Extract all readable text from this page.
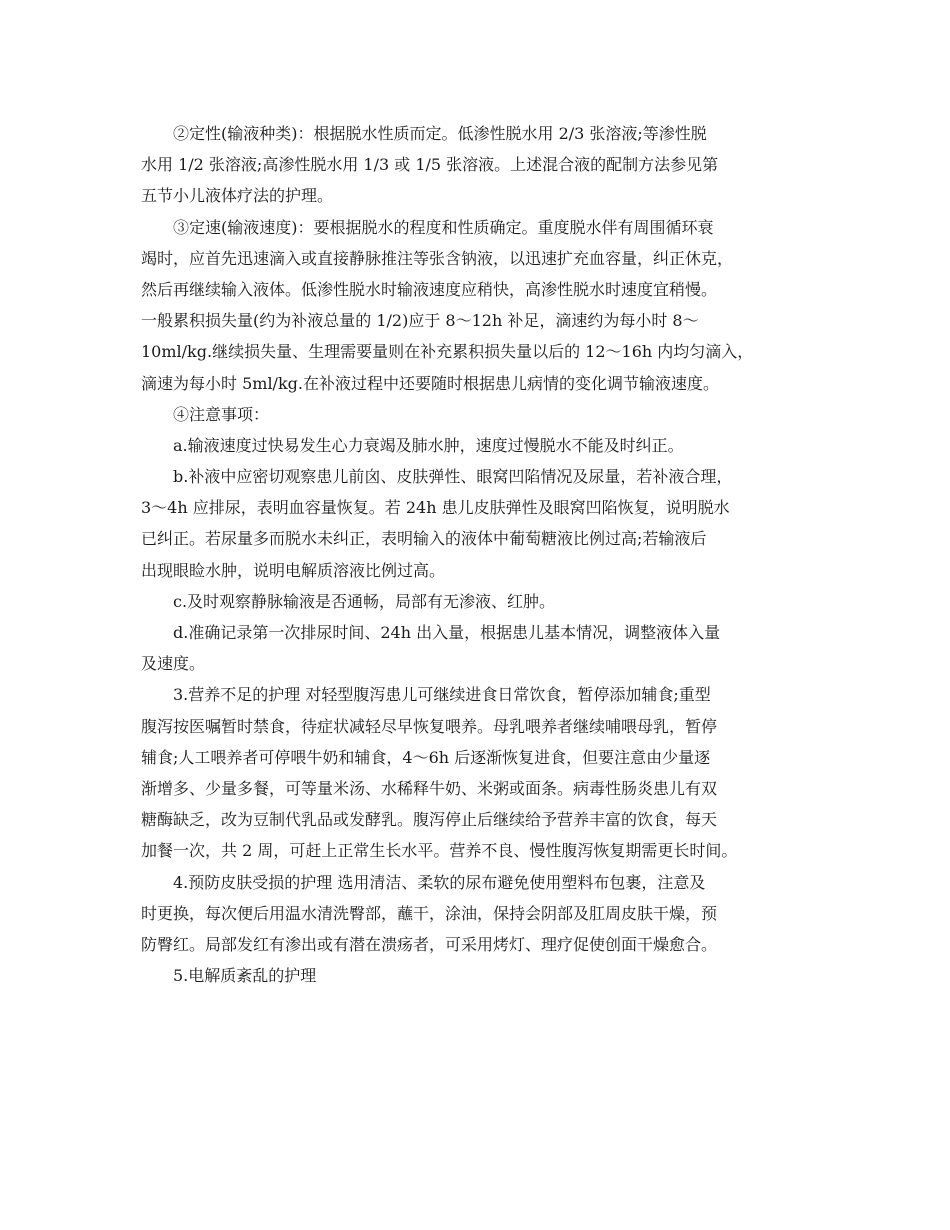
②定性(输液种类)：根据脱水性质而定。低渗性脱水用 2/3 张溶液;等渗性脱
水用 1/2 张溶液;高渗性脱水用 1/3 或 1/5 张溶液。上述混合液的配制方法参见第
五节小儿液体疗法的护理。
③定速(输液速度)：要根据脱水的程度和性质确定。重度脱水伴有周围循环衰
竭时，应首先迅速滴入或直接静脉推注等张含钠液，以迅速扩充血容量，纠正休克，
然后再继续输入液体。低渗性脱水时输液速度应稍快，高渗性脱水时速度宜稍慢。
一般累积损失量(约为补液总量的 1/2)应于 8～12h 补足，滴速约为每小时 8～
10ml/kg.继续损失量、生理需要量则在补充累积损失量以后的 12～16h 内均匀滴入，
滴速为每小时 5ml/kg.在补液过程中还要随时根据患儿病情的变化调节输液速度。
④注意事项：
a.输液速度过快易发生心力衰竭及肺水肿，速度过慢脱水不能及时纠正。
b.补液中应密切观察患儿前囟、皮肤弹性、眼窝凹陷情况及尿量，若补液合理，
3～4h 应排尿，表明血容量恢复。若 24h 患儿皮肤弹性及眼窝凹陷恢复，说明脱水
已纠正。若尿量多而脱水未纠正，表明输入的液体中葡萄糖液比例过高;若输液后
出现眼睑水肿，说明电解质溶液比例过高。
c.及时观察静脉输液是否通畅，局部有无渗液、红肿。
d.准确记录第一次排尿时间、24h 出入量，根据患儿基本情况，调整液体入量
及速度。
3.营养不足的护理 对轻型腹泻患儿可继续进食日常饮食，暂停添加辅食;重型
腹泻按医嘱暂时禁食，待症状减轻尽早恢复喂养。母乳喂养者继续哺喂母乳，暂停
辅食;人工喂养者可停喂牛奶和辅食，4～6h 后逐渐恢复进食，但要注意由少量逐
渐增多、少量多餐，可等量米汤、水稀释牛奶、米粥或面条。病毒性肠炎患儿有双
糖酶缺乏，改为豆制代乳品或发酵乳。腹泻停止后继续给予营养丰富的饮食，每天
加餐一次，共 2 周，可赶上正常生长水平。营养不良、慢性腹泻恢复期需更长时间。
4.预防皮肤受损的护理 选用清洁、柔软的尿布避免使用塑料布包裹，注意及
时更换，每次便后用温水清洗臀部，蘸干，涂油，保持会阴部及肛周皮肤干燥，预
防臀红。局部发红有渗出或有潜在溃疡者，可采用烤灯、理疗促使创面干燥愈合。
5.电解质紊乱的护理
